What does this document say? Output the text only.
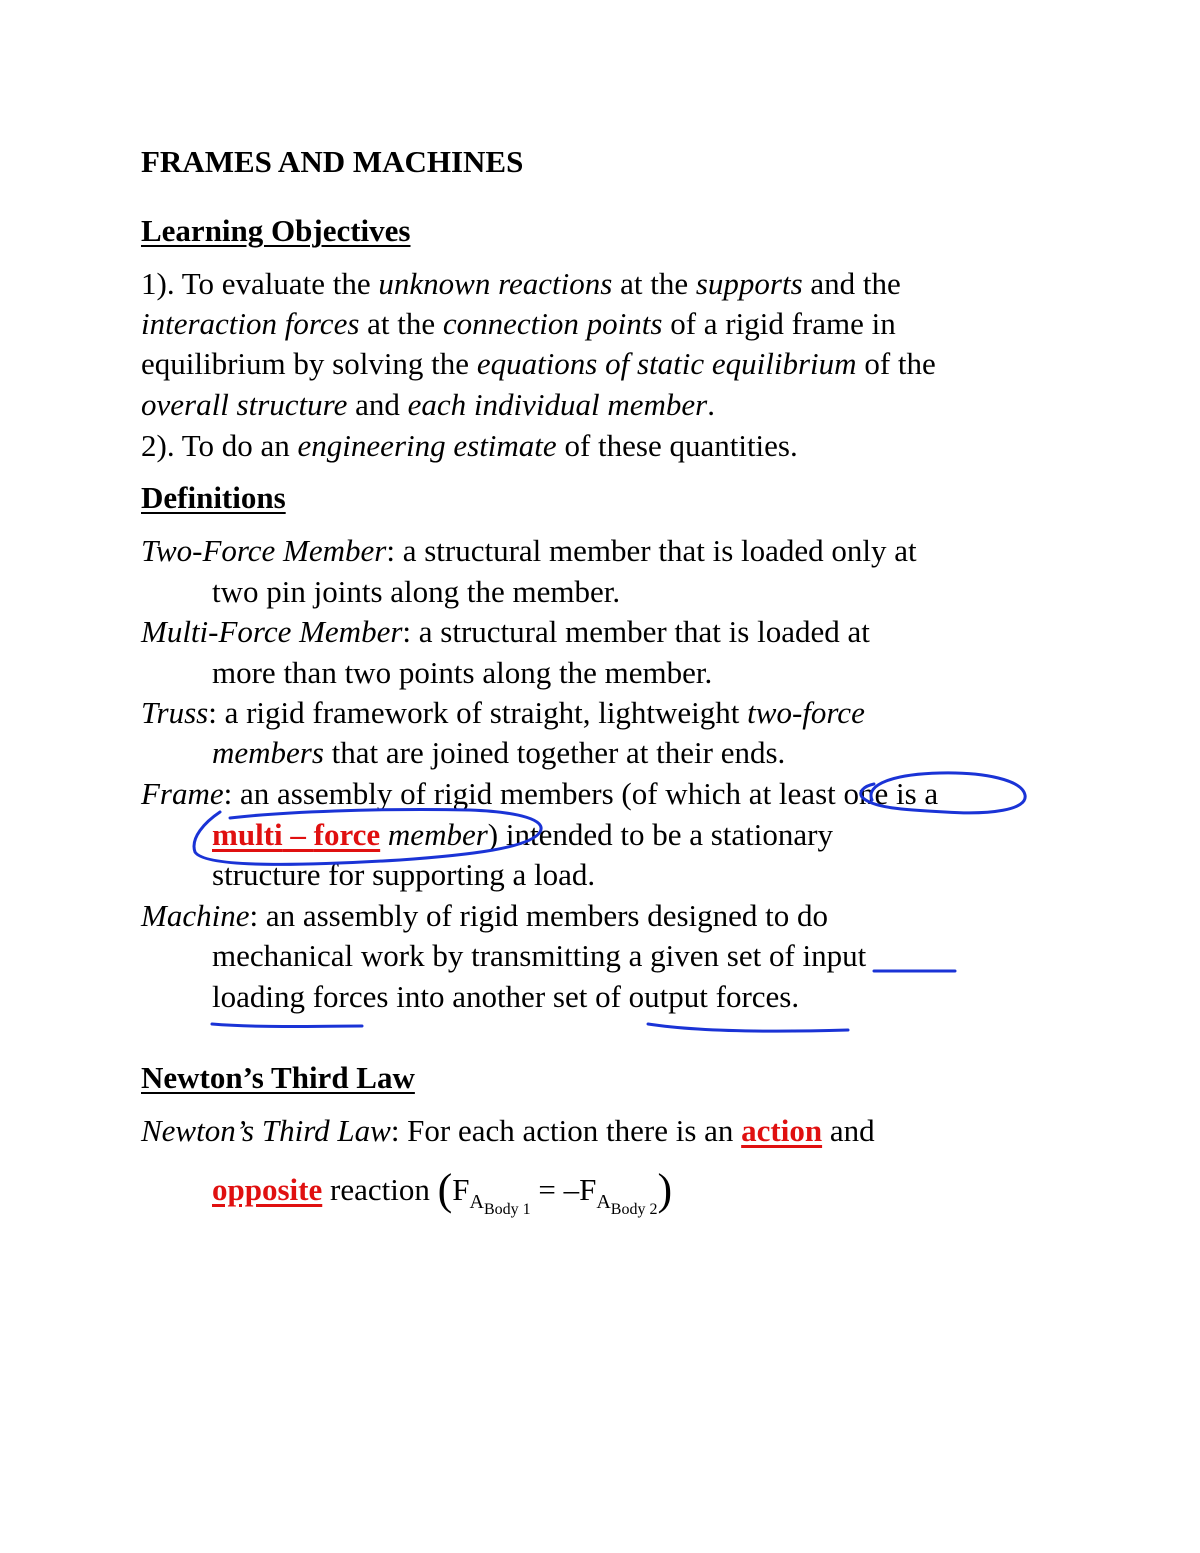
FRAMES AND MACHINES
Learning Objectives
1). To evaluate the unknown reactions at the supports and the
interaction forces at the connection points of a rigid frame in
equilibrium by solving the equations of static equilibrium of the
overall structure and each individual member.
2). To do an engineering estimate of these quantities.
Definitions
Two-Force Member: a structural member that is loaded only at
two pin joints along the member.
Multi-Force Member: a structural member that is loaded at
more than two points along the member.
Truss: a rigid framework of straight, lightweight two-force
members that are joined together at their ends.
Frame: an assembly of rigid members (of which at least one is a
multi – force member) intended to be a stationary
structure for supporting a load.
Machine: an assembly of rigid members designed to do
mechanical work by transmitting a given set of input
loading forces into another set of output forces.
Newton’s Third Law
Newton’s Third Law: For each action there is an action and
opposite reaction $(F_{A_{Body 1}} = -F_{A_{Body 2}})$
